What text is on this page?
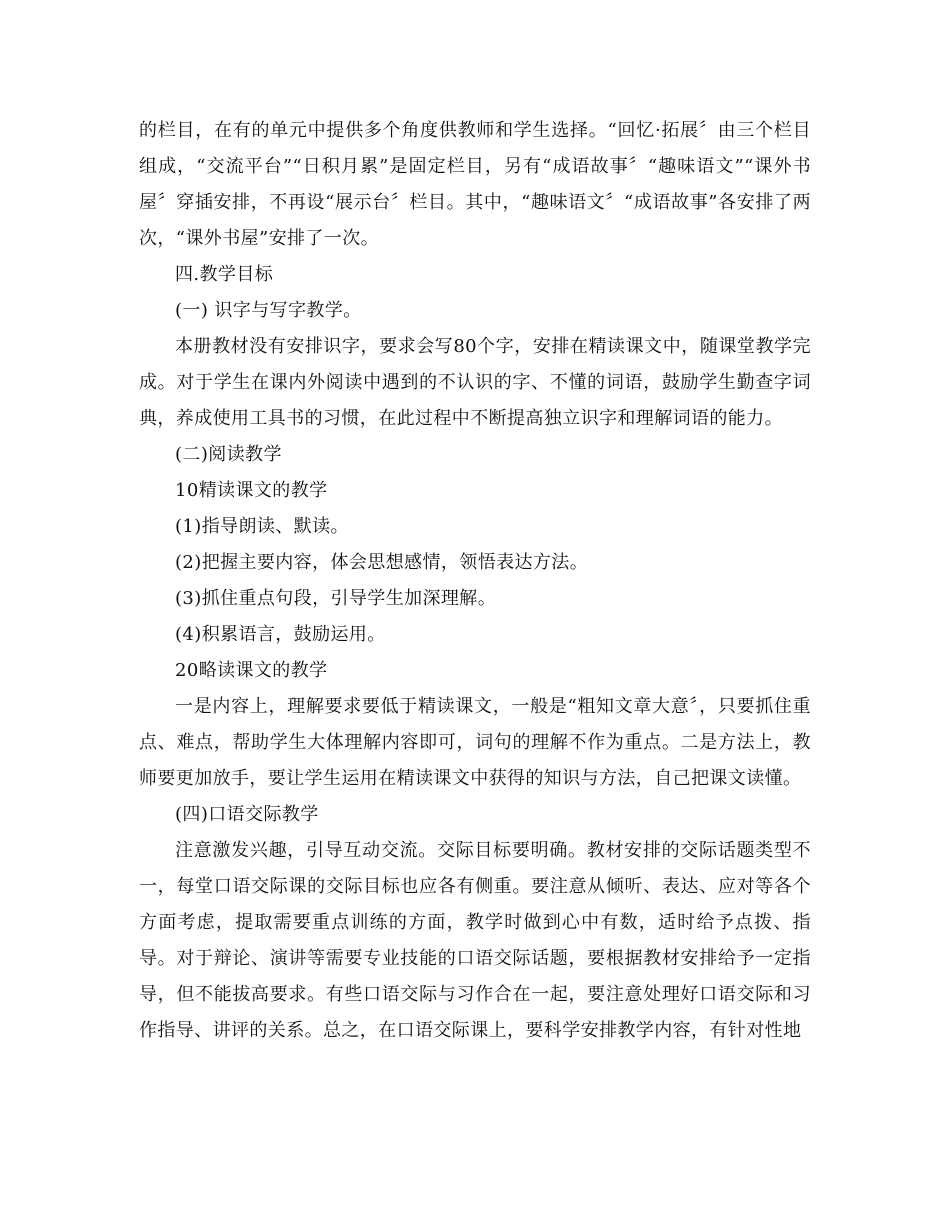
的栏目，在有的单元中提供多个角度供教师和学生选择。“回忆·拓展〞由三个栏目组成，“交流平台”“日积月累”是固定栏目，另有“成语故事〞“趣味语文”“课外书屋〞穿插安排，不再设“展示台〞栏目。其中，“趣味语文〞“成语故事”各安排了两次，“课外书屋”安排了一次。

四.教学目标

(一) 识字与写字教学。

本册教材没有安排识字，要求会写80个字，安排在精读课文中，随课堂教学完成。对于学生在课内外阅读中遇到的不认识的字、不懂的词语，鼓励学生勤查字词典，养成使用工具书的习惯，在此过程中不断提高独立识字和理解词语的能力。

(二)阅读教学

10精读课文的教学

(1)指导朗读、默读。

(2)把握主要内容，体会思想感情，领悟表达方法。

(3)抓住重点句段，引导学生加深理解。

(4)积累语言，鼓励运用。

20略读课文的教学

一是内容上，理解要求要低于精读课文，一般是“粗知文章大意〞，只要抓住重点、难点，帮助学生大体理解内容即可，词句的理解不作为重点。二是方法上，教师要更加放手，要让学生运用在精读课文中获得的知识与方法，自己把课文读懂。

(四)口语交际教学

注意激发兴趣，引导互动交流。交际目标要明确。教材安排的交际话题类型不一，每堂口语交际课的交际目标也应各有侧重。要注意从倾听、表达、应对等各个方面考虑，提取需要重点训练的方面，教学时做到心中有数，适时给予点拨、指导。对于辩论、演讲等需要专业技能的口语交际话题，要根据教材安排给予一定指导，但不能拔高要求。有些口语交际与习作合在一起，要注意处理好口语交际和习作指导、讲评的关系。总之，在口语交际课上，要科学安排教学内容，有针对性地
